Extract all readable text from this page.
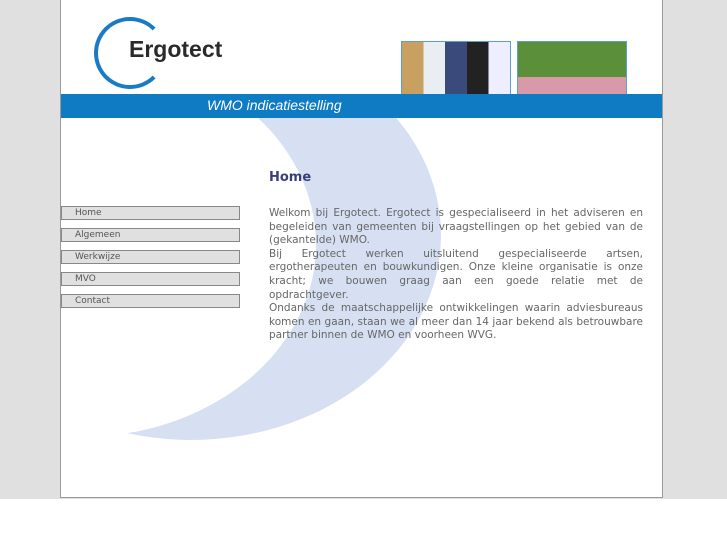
Ergotect
WMO indicatiestelling
Home
Algemeen
Werkwijze
MVO
Contact
Home

Welkom bij Ergotect. Ergotect is gespecialiseerd in het adviseren en begeleiden van gemeenten bij vraagstellingen op het gebied van de (gekantelde) WMO.

Bij Ergotect werken uitsluitend gespecialiseerde artsen, ergotherapeuten en bouwkundigen. Onze kleine organisatie is onze kracht; we bouwen graag aan een goede relatie met de opdrachtgever.

Ondanks de maatschappelijke ontwikkelingen waarin adviesbureaus komen en gaan, staan we al meer dan 14 jaar bekend als betrouwbare partner binnen de WMO en voorheen WVG.
